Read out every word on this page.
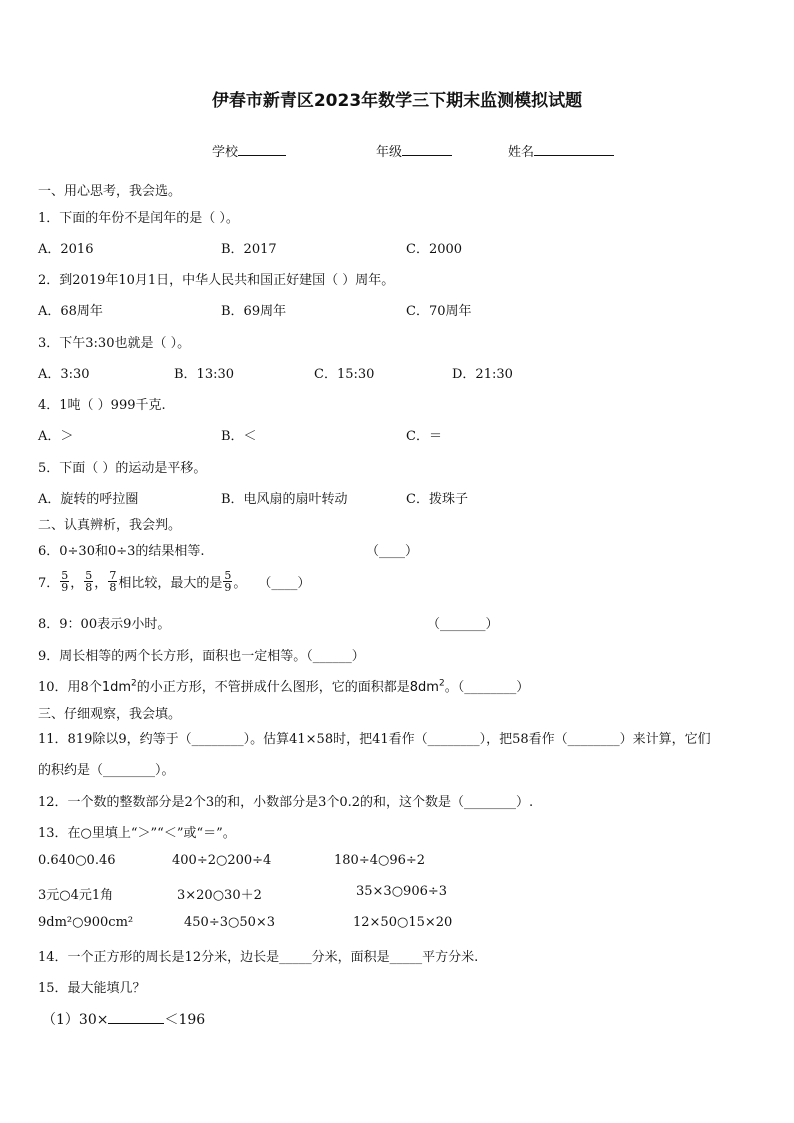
伊春市新青区2023年数学三下期末监测模拟试题
学校	年级	姓名
一、用心思考，我会选。
1．下面的年份不是闰年的是（ ）。
A．2016	B．2017	C．2000
2．到2019年10月1日，中华人民共和国正好建国（ ）周年。
A．68周年	B．69周年	C．70周年
3．下午3:30也就是（ ）。
A．3:30	B．13:30	C．15:30	D．21:30
4．1吨（ ）999千克.
A．＞	B．＜	C．＝
5．下面（ ）的运动是平移。
A．旋转的呼拉圈	B．电风扇的扇叶转动	C．拨珠子
二、认真辨析，我会判。
6．0÷30和0÷3的结果相等.	（____）
7． $\frac{5}{9}$ ， $\frac{5}{8}$ ， $\frac{7}{8}$ 相比较，最大的是 $\frac{5}{9}$ 。 （____）
8．9：00表示9小时。	（_______）
9．周长相等的两个长方形，面积也一定相等。（______）
10．用8个$1dm^2$的小正方形，不管拼成什么图形，它的面积都是$8dm^2$。（________）
三、仔细观察，我会填。
11．819除以9，约等于（________）。估算41×58时，把41看作（________），把58看作（________）来计算，它们
的积约是（________）。
12．一个数的整数部分是2个3的和，小数部分是3个0.2的和，这个数是（________）.
13．在○里填上“＞”“＜”或“＝”。
0.640○0.46	400÷2○200÷4	180÷4○96÷2
3元○4元1角	3×20○30＋2	35×3○906÷3
9dm²○900cm²	450÷3○50×3	12×50○15×20
14．一个正方形的周长是12分米，边长是_____分米，面积是_____平方分米.
15．最大能填几？
（1）30×	＜196
